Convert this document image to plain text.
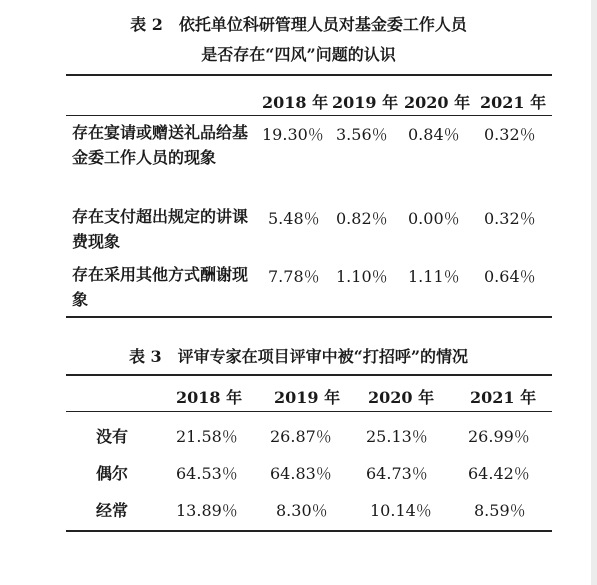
表 2　依托单位科研管理人员对基金委工作人员
是否存在“四风”问题的认识
2018 年 2019 年 2020 年 2021 年
存在宴请或赠送礼品给基金委工作人员的现象
19.30％ 3.56％ 0.84％ 0.32％
存在支付超出规定的讲课费现象
5.48％ 0.82％ 0.00％ 0.32％
存在采用其他方式酬谢现象
7.78％ 1.10％ 1.11％ 0.64％
表 3　评审专家在项目评审中被“打招呼”的情况
2018 年 2019 年 2020 年 2021 年
没有	21.58％ 26.87％ 25.13％	26.99％
偶尔	64.53％ 64.83％ 64.73％	64.42％
经常	13.89％ 8.30％	10.14％	8.59％
